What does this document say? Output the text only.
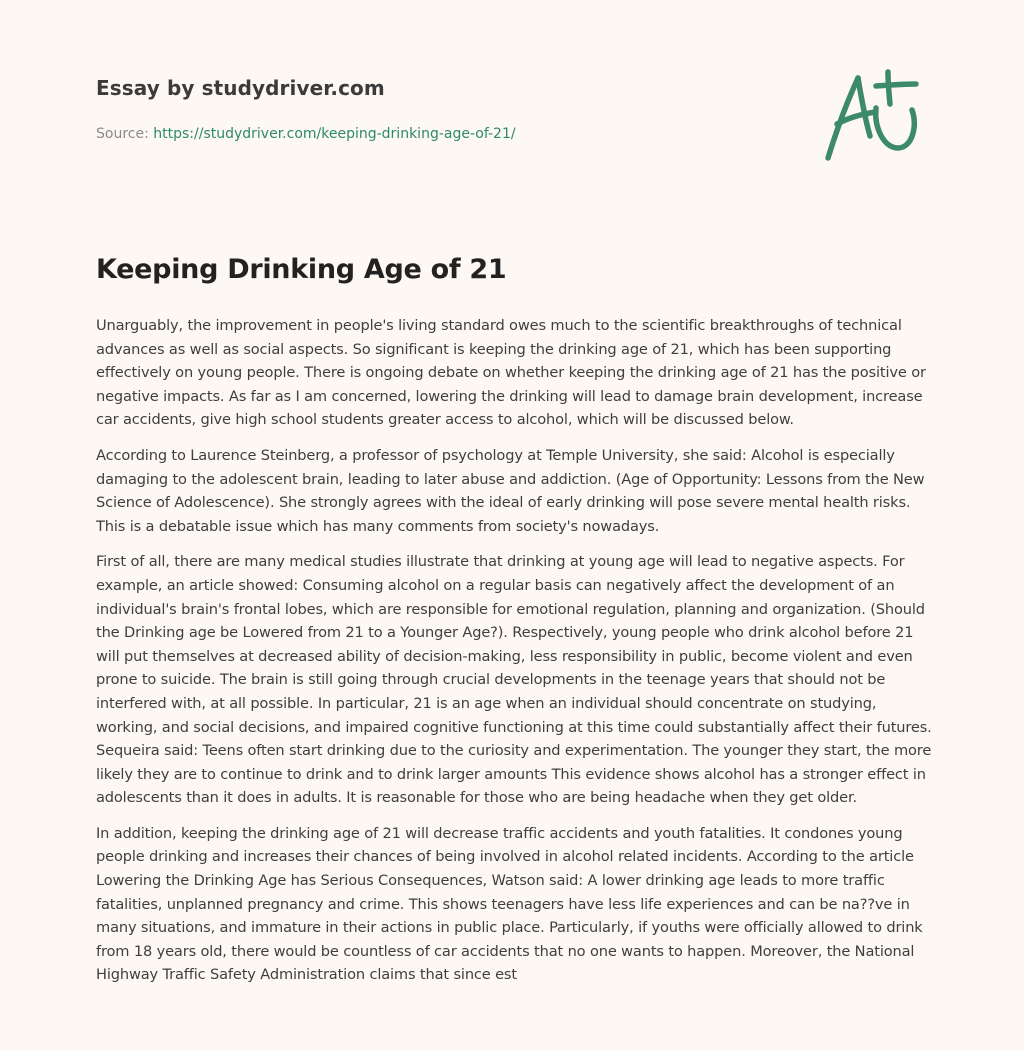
Essay by studydriver.com
Source: https://studydriver.com/keeping-drinking-age-of-21/
Keeping Drinking Age of 21

Unarguably, the improvement in people's living standard owes much to the scientific breakthroughs of technical advances as well as social aspects. So significant is keeping the drinking age of 21, which has been supporting effectively on young people. There is ongoing debate on whether keeping the drinking age of 21 has the positive or negative impacts. As far as I am concerned, lowering the drinking will lead to damage brain development, increase car accidents, give high school students greater access to alcohol, which will be discussed below.

According to Laurence Steinberg, a professor of psychology at Temple University, she said: Alcohol is especially damaging to the adolescent brain, leading to later abuse and addiction. (Age of Opportunity: Lessons from the New Science of Adolescence). She strongly agrees with the ideal of early drinking will pose severe mental health risks. This is a debatable issue which has many comments from society's nowadays.

First of all, there are many medical studies illustrate that drinking at young age will lead to negative aspects. For example, an article showed: Consuming alcohol on a regular basis can negatively affect the development of an individual's brain's frontal lobes, which are responsible for emotional regulation, planning and organization. (Should the Drinking age be Lowered from 21 to a Younger Age?). Respectively, young people who drink alcohol before 21 will put themselves at decreased ability of decision-making, less responsibility in public, become violent and even prone to suicide. The brain is still going through crucial developments in the teenage years that should not be interfered with, at all possible. In particular, 21 is an age when an individual should concentrate on studying, working, and social decisions, and impaired cognitive functioning at this time could substantially affect their futures. Sequeira said: Teens often start drinking due to the curiosity and experimentation. The younger they start, the more likely they are to continue to drink and to drink larger amounts This evidence shows alcohol has a stronger effect in adolescents than it does in adults. It is reasonable for those who are being headache when they get older.

In addition, keeping the drinking age of 21 will decrease traffic accidents and youth fatalities. It condones young people drinking and increases their chances of being involved in alcohol related incidents. According to the article Lowering the Drinking Age has Serious Consequences, Watson said: A lower drinking age leads to more traffic fatalities, unplanned pregnancy and crime. This shows teenagers have less life experiences and can be na??ve in many situations, and immature in their actions in public place. Particularly, if youths were officially allowed to drink from 18 years old, there would be countless of car accidents that no one wants to happen. Moreover, the National Highway Traffic Safety Administration claims that since est
